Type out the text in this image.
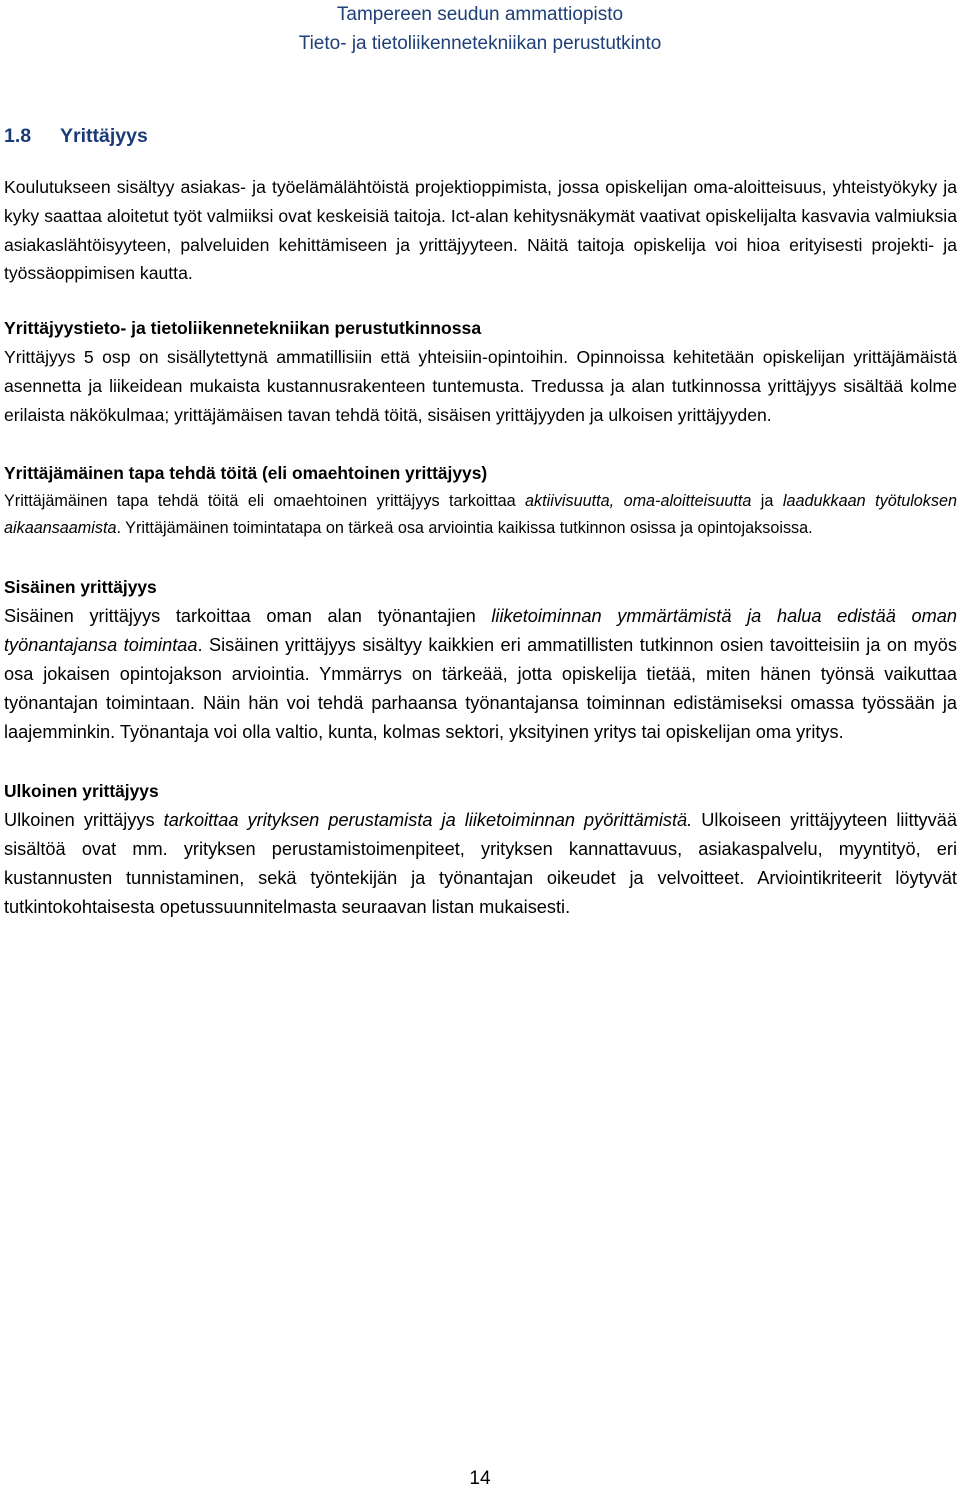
Tampereen seudun ammattiopisto
Tieto- ja tietoliikennetekniikan perustutkinto
1.8 Yrittäjyys

Koulutukseen sisältyy asiakas- ja työelämälähtöistä projektioppimista, jossa opiskelijan oma-aloitteisuus, yhteistyökyky ja kyky saattaa aloitetut työt valmiiksi ovat keskeisiä taitoja. Ict-alan kehitysnäkymät vaativat opiskelijalta kasvavia valmiuksia asiakaslähtöisyyteen, palveluiden kehittämiseen ja yrittäjyyteen. Näitä taitoja opiskelija voi hioa erityisesti projekti- ja työssäoppimisen kautta.

Yrittäjyystieto- ja tietoliikennetekniikan perustutkinnossa

Yrittäjyys 5 osp on sisällytettynä ammatillisiin että yhteisiin-opintoihin. Opinnoissa kehitetään opiskelijan yrittäjämäistä asennetta ja liikeidean mukaista kustannusrakenteen tuntemusta. Tredussa ja alan tutkinnossa yrittäjyys sisältää kolme erilaista näkökulmaa; yrittäjämäisen tavan tehdä töitä, sisäisen yrittäjyyden ja ulkoisen yrittäjyyden.

Yrittäjämäinen tapa tehdä töitä (eli omaehtoinen yrittäjyys)

Yrittäjämäinen tapa tehdä töitä eli omaehtoinen yrittäjyys tarkoittaa aktiivisuutta, oma-aloitteisuutta ja laadukkaan työtuloksen aikaansaamista. Yrittäjämäinen toimintatapa on tärkeä osa arviointia kaikissa tutkinnon osissa ja opintojaksoissa.

Sisäinen yrittäjyys

Sisäinen yrittäjyys tarkoittaa oman alan työnantajien liiketoiminnan ymmärtämistä ja halua edistää oman työnantajansa toimintaa. Sisäinen yrittäjyys sisältyy kaikkien eri ammatillisten tutkinnon osien tavoitteisiin ja on myös osa jokaisen opintojakson arviointia. Ymmärrys on tärkeää, jotta opiskelija tietää, miten hänen työnsä vaikuttaa työnantajan toimintaan. Näin hän voi tehdä parhaansa työnantajansa toiminnan edistämiseksi omassa työssään ja laajemminkin. Työnantaja voi olla valtio, kunta, kolmas sektori, yksityinen yritys tai opiskelijan oma yritys.

Ulkoinen yrittäjyys

Ulkoinen yrittäjyys tarkoittaa yrityksen perustamista ja liiketoiminnan pyörittämistä. Ulkoiseen yrittäjyyteen liittyvää sisältöä ovat mm. yrityksen perustamistoimenpiteet, yrityksen kannattavuus, asiakaspalvelu, myyntityö, eri kustannusten tunnistaminen, sekä työntekijän ja työnantajan oikeudet ja velvoitteet. Arviointikriteerit löytyvät tutkintokohtaisesta opetussuunnitelmasta seuraavan listan mukaisesti.

14
